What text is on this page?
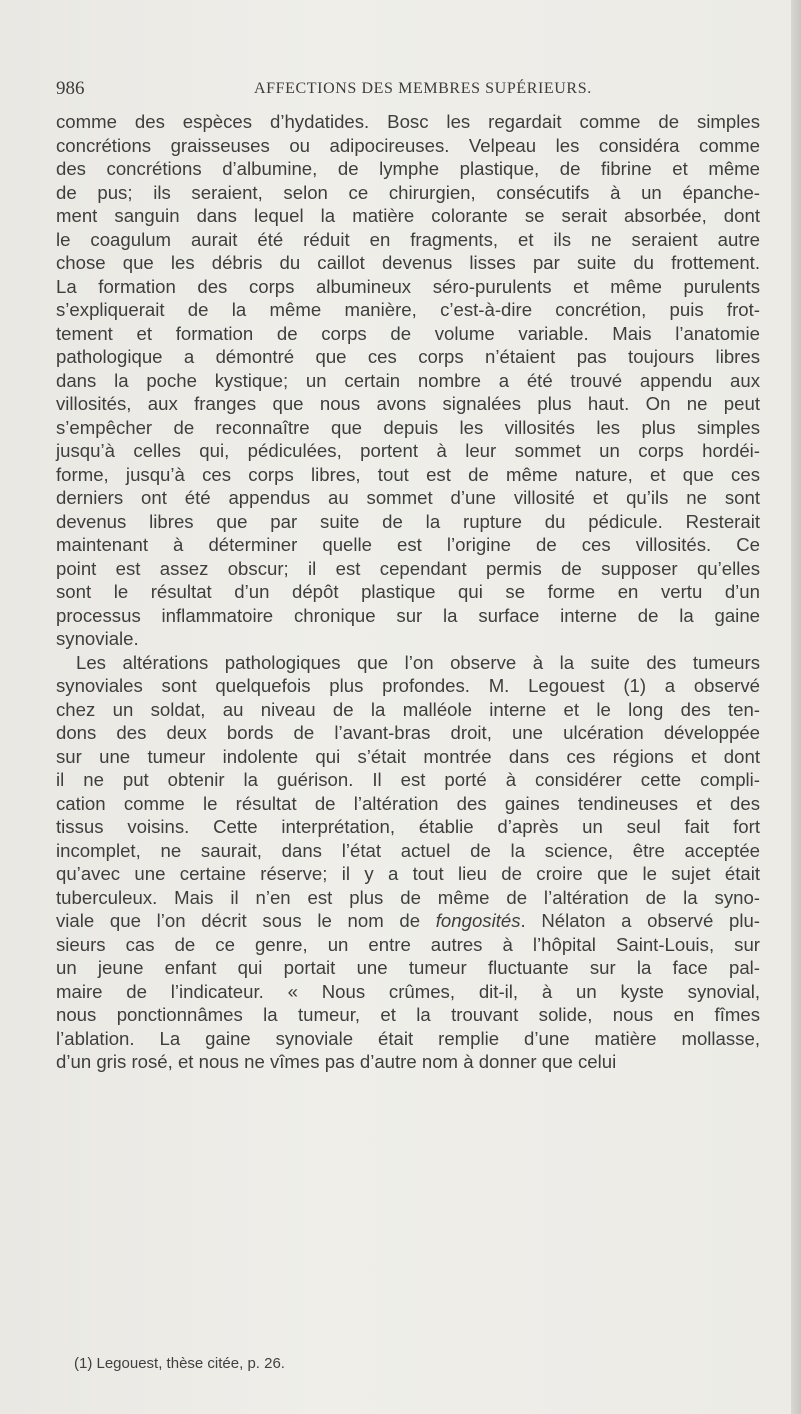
986	AFFECTIONS DES MEMBRES SUPÉRIEURS.
comme des espèces d’hydatides. Bosc les regardait comme de simples
concrétions graisseuses ou adipocireuses. Velpeau les considéra comme
des concrétions d’albumine, de lymphe plastique, de fibrine et même
de pus; ils seraient, selon ce chirurgien, consécutifs à un épanche-
ment sanguin dans lequel la matière colorante se serait absorbée, dont
le coagulum aurait été réduit en fragments, et ils ne seraient autre
chose que les débris du caillot devenus lisses par suite du frottement.
La formation des corps albumineux séro-purulents et même purulents
s’expliquerait de la même manière, c’est-à-dire concrétion, puis frot-
tement et formation de corps de volume variable. Mais l’anatomie
pathologique a démontré que ces corps n’étaient pas toujours libres
dans la poche kystique; un certain nombre a été trouvé appendu aux
villosités, aux franges que nous avons signalées plus haut. On ne peut
s’empêcher de reconnaître que depuis les villosités les plus simples
jusqu’à celles qui, pédiculées, portent à leur sommet un corps hordéi-
forme, jusqu’à ces corps libres, tout est de même nature, et que ces
derniers ont été appendus au sommet d’une villosité et qu’ils ne sont
devenus libres que par suite de la rupture du pédicule. Resterait
maintenant à déterminer quelle est l’origine de ces villosités. Ce
point est assez obscur; il est cependant permis de supposer qu’elles
sont le résultat d’un dépôt plastique qui se forme en vertu d’un
processus inflammatoire chronique sur la surface interne de la gaine
synoviale.
Les altérations pathologiques que l’on observe à la suite des tumeurs
synoviales sont quelquefois plus profondes. M. Legouest (1) a observé
chez un soldat, au niveau de la malléole interne et le long des ten-
dons des deux bords de l’avant-bras droit, une ulcération développée
sur une tumeur indolente qui s’était montrée dans ces régions et dont
il ne put obtenir la guérison. Il est porté à considérer cette compli-
cation comme le résultat de l’altération des gaines tendineuses et des
tissus voisins. Cette interprétation, établie d’après un seul fait fort
incomplet, ne saurait, dans l’état actuel de la science, être acceptée
qu’avec une certaine réserve; il y a tout lieu de croire que le sujet était
tuberculeux. Mais il n’en est plus de même de l’altération de la syno-
viale que l’on décrit sous le nom de fongosités. Nélaton a observé plu-
sieurs cas de ce genre, un entre autres à l’hôpital Saint-Louis, sur
un jeune enfant qui portait une tumeur fluctuante sur la face pal-
maire de l’indicateur. « Nous crûmes, dit-il, à un kyste synovial,
nous ponctionnâmes la tumeur, et la trouvant solide, nous en fîmes
l’ablation. La gaine synoviale était remplie d’une matière mollasse,
d’un gris rosé, et nous ne vîmes pas d’autre nom à donner que celui
(1) Legouest, thèse citée, p. 26.
